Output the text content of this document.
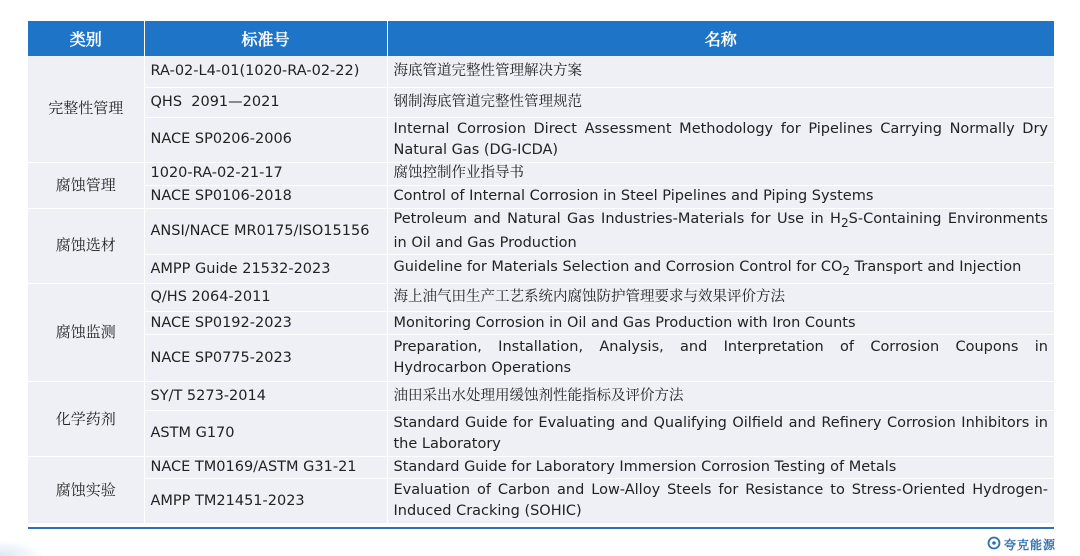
类别	标准号	名称
完整性管理	RA-02-L4-01(1020-RA-02-22)	海底管道完整性管理解决方案
	QHS  2091—2021	钢制海底管道完整性管理规范
	NACE SP0206-2006	Internal Corrosion Direct Assessment Methodology for Pipelines Carrying Normally Dry Natural Gas (DG-ICDA)
腐蚀管理	1020-RA-02-21-17	腐蚀控制作业指导书
	NACE SP0106-2018	Control of Internal Corrosion in Steel Pipelines and Piping Systems
腐蚀选材	ANSI/NACE MR0175/ISO15156	Petroleum and Natural Gas Industries-Materials for Use in $H_2S$-Containing Environments in Oil and Gas Production
	AMPP Guide 21532-2023	Guideline for Materials Selection and Corrosion Control for $CO_2$ Transport and Injection
腐蚀监测	Q/HS 2064-2011	海上油气田生产工艺系统内腐蚀防护管理要求与效果评价方法
	NACE SP0192-2023	Monitoring Corrosion in Oil and Gas Production with Iron Counts
	NACE SP0775-2023	Preparation, Installation, Analysis, and Interpretation of Corrosion Coupons in Hydrocarbon Operations
化学药剂	SY/T 5273-2014	油田采出水处理用缓蚀剂性能指标及评价方法
	ASTM G170	Standard Guide for Evaluating and Qualifying Oilfield and Refinery Corrosion Inhibitors in the Laboratory
腐蚀实验	NACE TM0169/ASTM G31-21	Standard Guide for Laboratory Immersion Corrosion Testing of Metals
	AMPP TM21451-2023	Evaluation of Carbon and Low-Alloy Steels for Resistance to Stress-Oriented Hydrogen-Induced Cracking (SOHIC)
夸克能源
